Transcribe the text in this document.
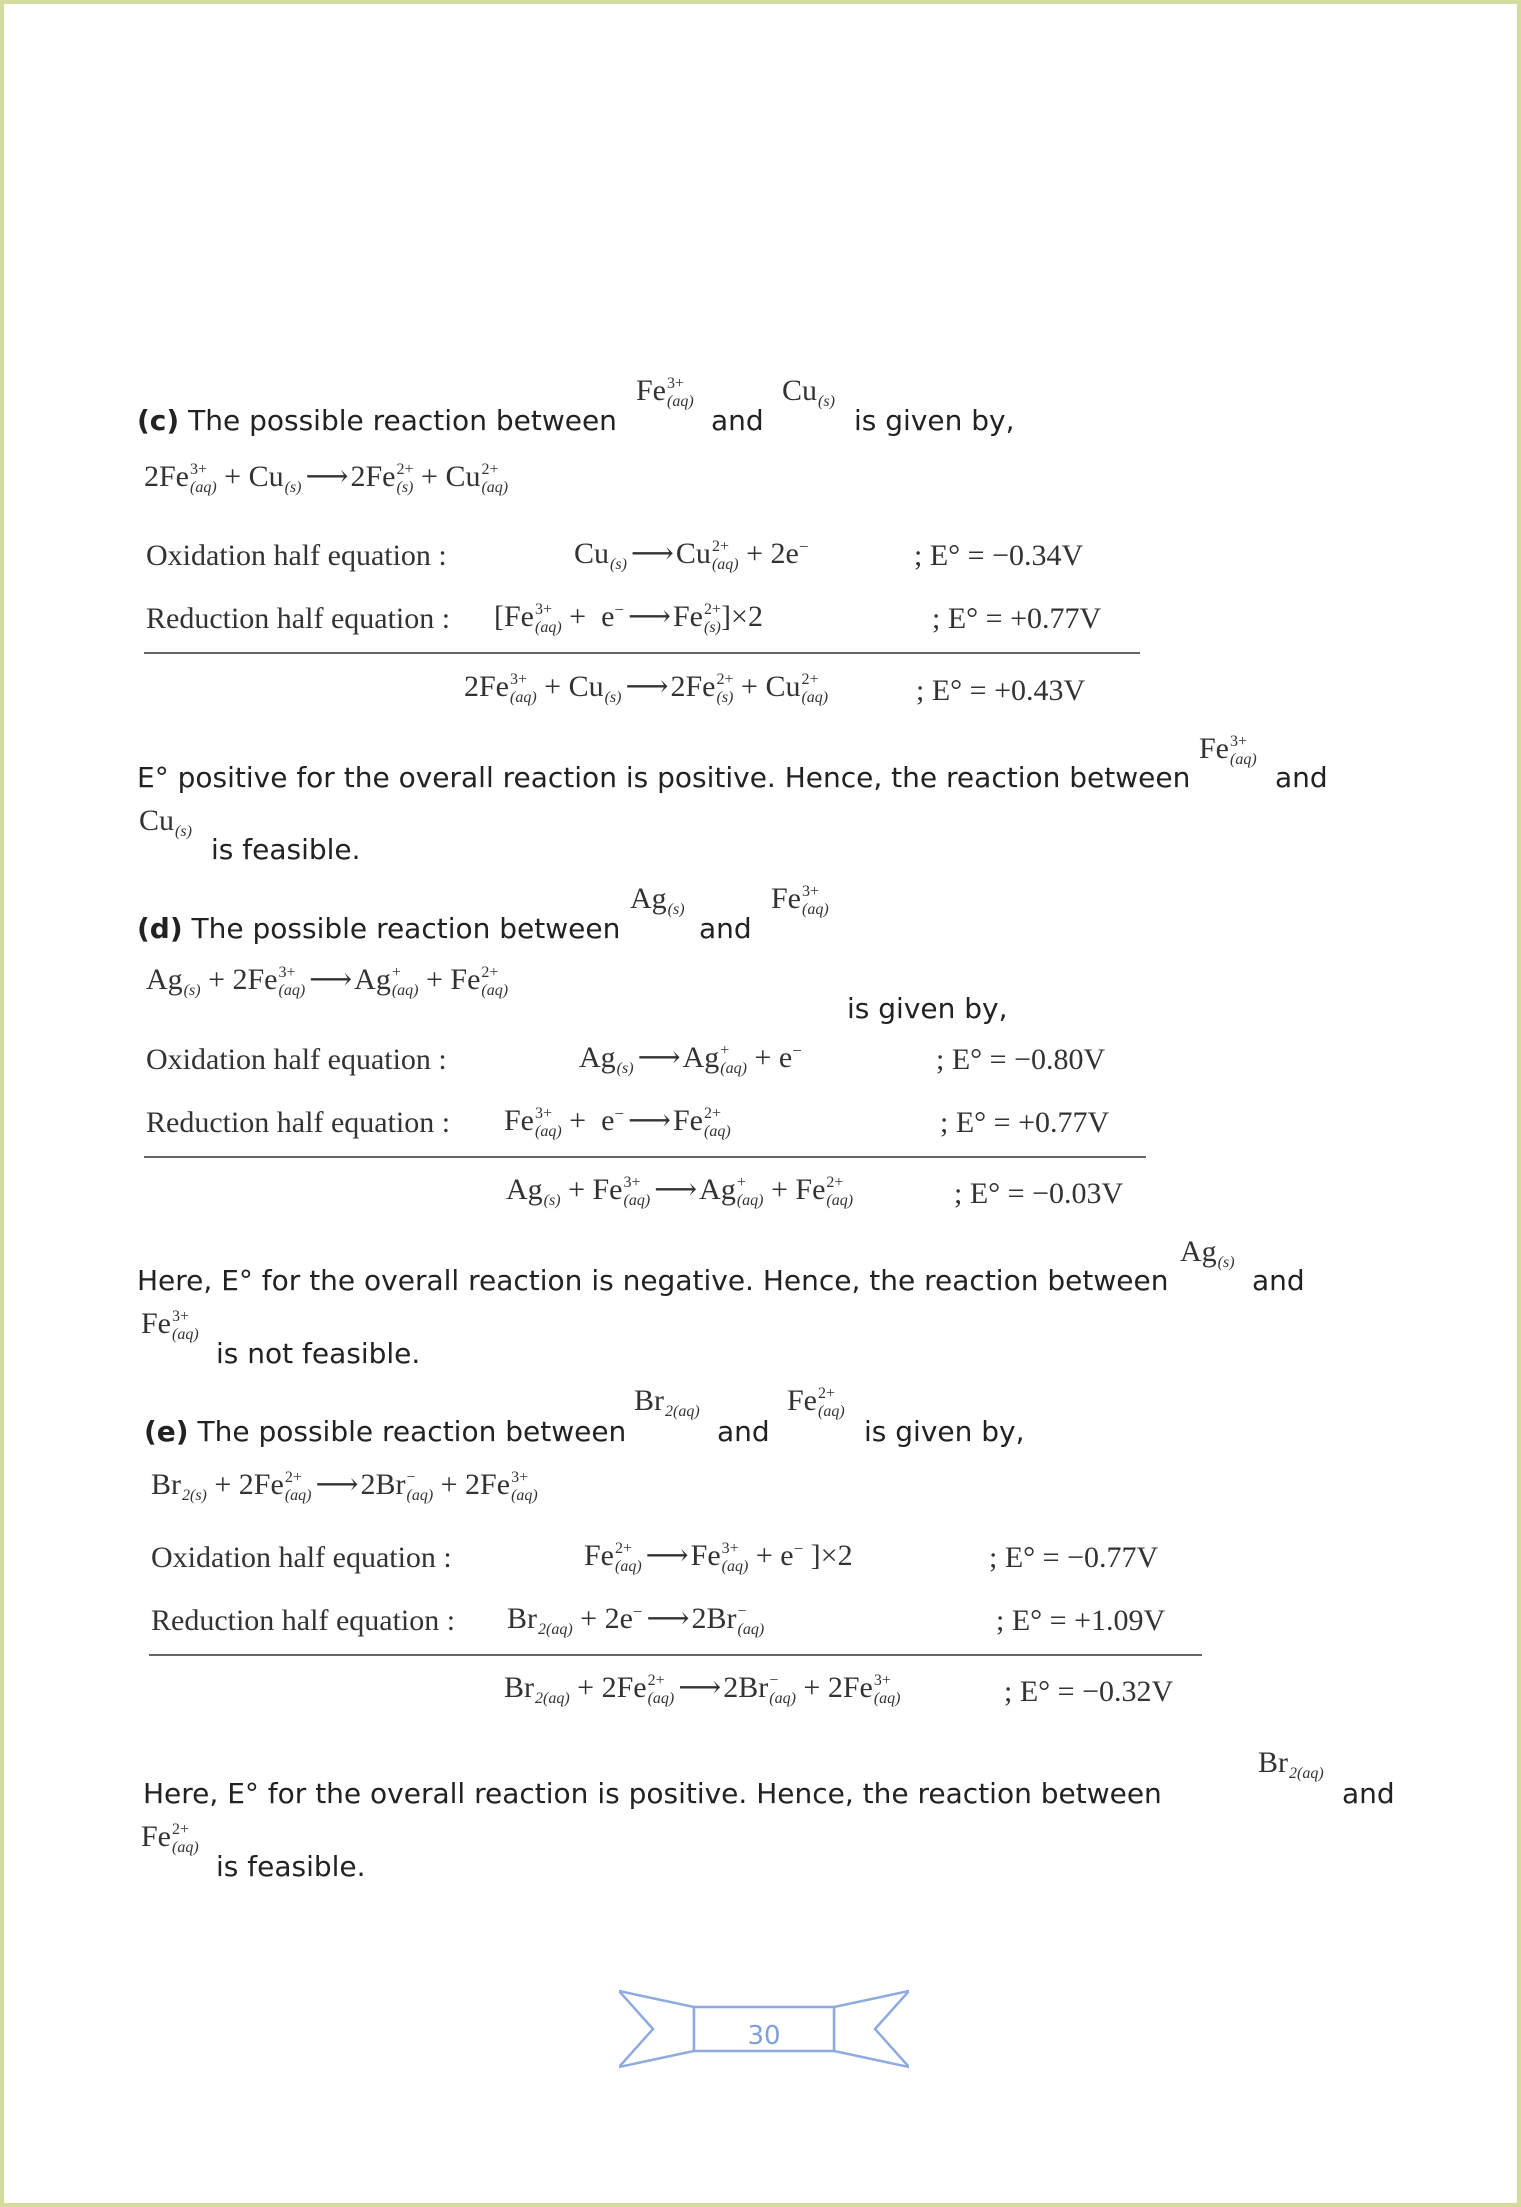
Fe 3+
(aq)	Cu
(s)
(c) The possible reaction between	and	is given by,
2Fe 3+
(aq) + Cu
(s) ⟶ 2Fe 2+
(s) + Cu 2+
(aq)
Oxidation half equation :	Cu
(s) ⟶ Cu 2+
(aq) + 2e−	; E° = −0.34V
Reduction half equation : [Fe 3+
(aq) +  e− ⟶ Fe 2+
(s) ]×2	; E° = +0.77V
2Fe 3+
(aq) + Cu
(s) ⟶ 2Fe 2+
(s) + Cu 2+
(aq)	; E° = +0.43V
E° positive for the overall reaction is positive. Hence, the reaction between
Fe 3+
(aq)
and
Cu
(s)
is feasible.
Ag
(s)	Fe 3+
(aq)
(d) The possible reaction between	and
Ag
(s) + 2Fe 3+
(aq) ⟶ Ag +
(aq) + Fe 2+
(aq)
is given by,
Oxidation half equation :	Ag
(s) ⟶ Ag +
(aq) + e−	; E° = −0.80V
Reduction half equation : Fe 3+
(aq) +  e− ⟶ Fe 2+
(aq)	; E° = +0.77V
Ag
(s) + Fe 3+
(aq) ⟶ Ag +
(aq) + Fe 2+
(aq)	; E° = −0.03V
Here, E° for the overall reaction is negative. Hence, the reaction between
Ag
(s)
and
Fe 3+
(aq)
is not feasible.
Br
2(aq)	Fe 2+
(aq)
(e) The possible reaction between	and	is given by,
Br
2(s) + 2Fe 2+
(aq) ⟶ 2Br −
(aq) + 2Fe 3+
(aq)
Oxidation half equation :	Fe 2+
(aq) ⟶ Fe 3+
(aq) + e− ]×2	; E° = −0.77V
Reduction half equation : Br
2(aq) + 2e− ⟶ 2Br −
(aq)	; E° = +1.09V
Br
2(aq) + 2Fe 2+
(aq) ⟶ 2Br −
(aq) + 2Fe 3+
(aq)	; E° = −0.32V
Here, E° for the overall reaction is positive. Hence, the reaction between
Br
2(aq)
and
Fe 2+
(aq)
is feasible.
30
